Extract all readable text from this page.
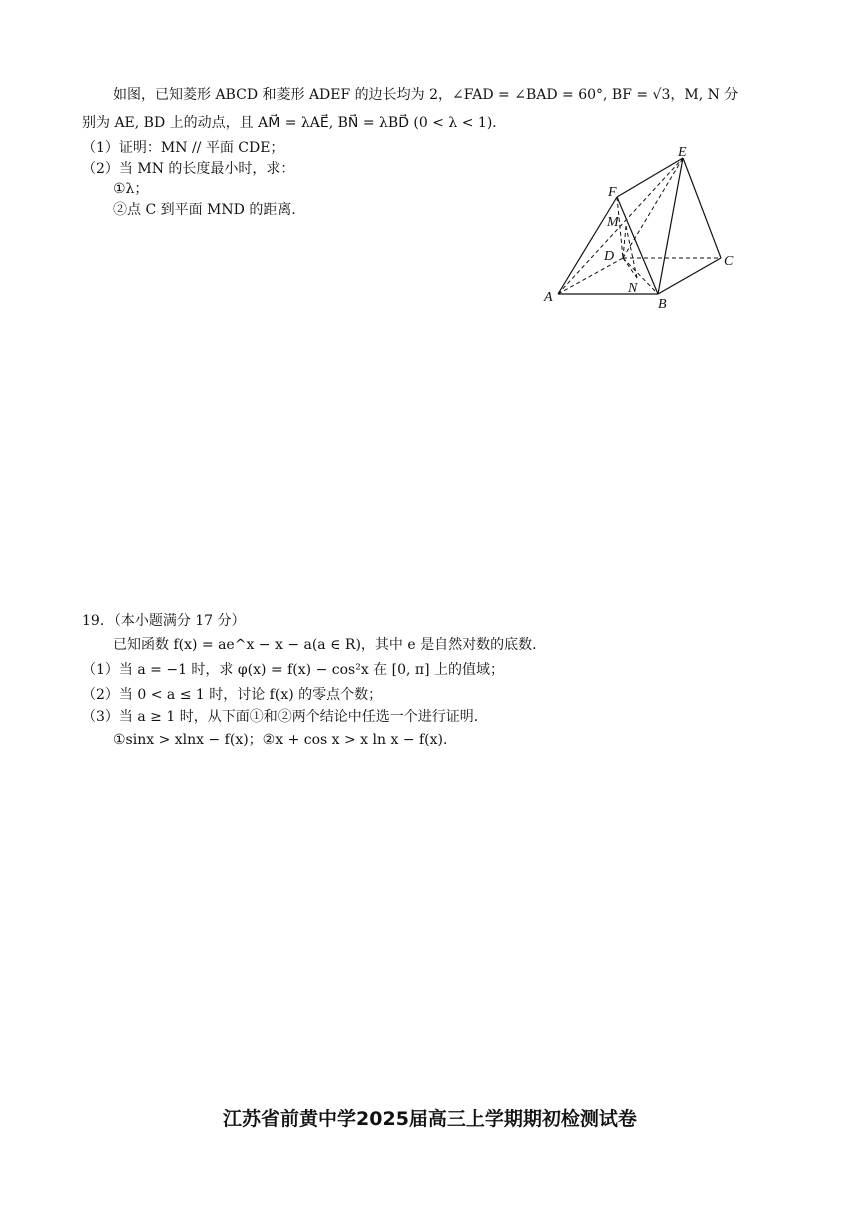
如图，已知菱形 ABCD 和菱形 ADEF 的边长均为 2，∠FAD = ∠BAD = 60°, BF = √3，M, N 分
别为 AE, BD 上的动点，且 AM⃗ = λAE⃗, BN⃗ = λBD⃗ (0 < λ < 1)．
（1）证明：MN // 平面 CDE；
（2）当 MN 的长度最小时，求：
①λ；
②点 C 到平面 MND 的距离．
E
F
M
D	C
A
N
B
19．（本小题满分 17 分）
已知函数 f(x) = ae^x − x − a(a ∈ R)，其中 e 是自然对数的底数．
（1）当 a = −1 时，求 φ(x) = f(x) − cos²x 在 [0, π] 上的值域；
（2）当 0 < a ≤ 1 时，讨论 f(x) 的零点个数；
（3）当 a ≥ 1 时，从下面①和②两个结论中任选一个进行证明．
①sinx > xlnx − f(x)；②x + cos x > x ln x − f(x)．
江苏省前黄中学2025届高三上学期期初检测试卷
